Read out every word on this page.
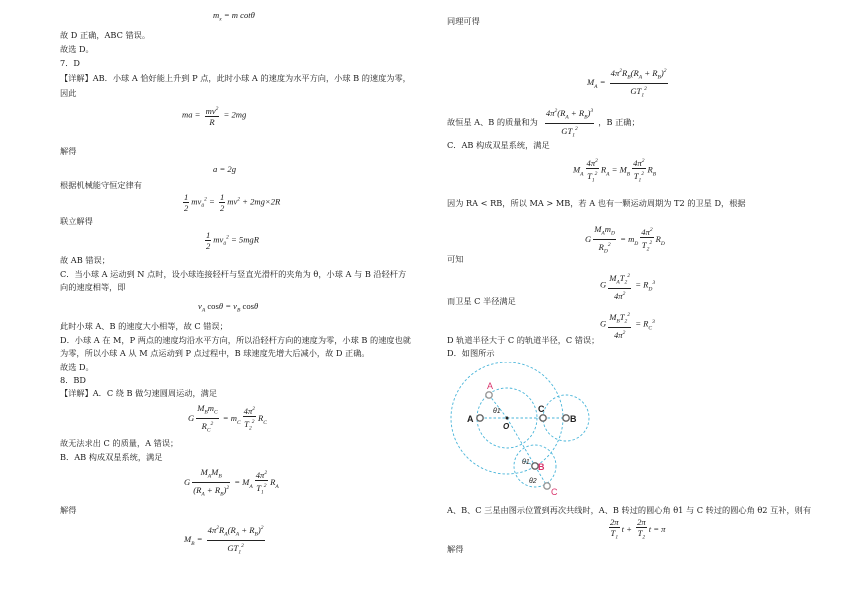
$m_x = m$ cotθ
故 D 正确，ABC 错误。
故选 D。
7．D
【详解】AB．小球 A 恰好能上升到 P 点，此时小球 A 的速度为水平方向，小球 B 的速度为零，
因此
ma = $\frac{mv^2}{R} = 2mg$
解得
a = 2g
根据机械能守恒定律有
$\frac{1}{2} mv_0^2 = \frac{1}{2} mv^2 + 2mg\times 2R$
联立解得
$\frac{1}{2} mv_0^2 = 5mgR$
故 AB 错误；
C．当小球 A 运动到 N 点时，设小球连接轻杆与竖直光滑杆的夹角为 θ，小球 A 与 B 沿轻杆方
向的速度相等，即
$v_A$ $\cos\theta = v_B$ cosθ
此时小球 A、B 的速度大小相等，故 C 错误；
D．小球 A 在 M，P 两点的速度均沿水平方向，所以沿轻杆方向的速度为零，小球 B 的速度也就
为零，所以小球 A 从 M 点运动到 P 点过程中，B 球速度先增大后减小，故 D 正确。
故选 D。
8．BD
【详解】A．C 绕 B 做匀速圆周运动，满足
G $\frac{M_Bm_C}{R_C^2} = m_C \frac{4\pi^2}{T_2^2} R_C$
故无法求出 C 的质量，A 错误；
B．AB 构成双星系统，满足
G $\frac{M_AM_B}{(R_A + R_B)^2} = M_A \frac{4\pi^2}{T_1^2} R_A$
解得
$M_B = \frac{4\pi^2R_A(R_A + R_B)^2}{GT_1^2}$
同理可得
$M_A = \frac{4\pi^2R_B(R_A + R_B)^2}{GT_1^2}$
故恒星 A、B 的质量和为 $\frac{4\pi^2(R_A + R_B)^3}{GT_1^2}$ ，B 正确；
C．AB 构成双星系统，满足
$M_A \frac{4\pi^2}{T_1^2} R_A = M_B \frac{4\pi^2}{T_1^2} R_B$
因为 RA < RB，所以 MA > MB，若 A 也有一颗运动周期为 T2 的卫星 D，根据
G $\frac{M_Am_D}{R_D^2} = m_D \frac{4\pi^2}{T_2^2} R_D$
可知
G $\frac{M_AT_2^2}{4\pi^2} = R_D^3$
而卫星 C 半径满足
G $\frac{M_BT_2^2}{4\pi^2} = R_C^3$
D 轨道半径大于 C 的轨道半径，C 错误；
D．如图所示
A
A
θ1
O
C
B
θ1 B
θ2
C
A、B、C 三星由图示位置到再次共线时，A、B 转过的圆心角 θ1 与 C 转过的圆心角 θ2 互补，则有
$\frac{2\pi}{T_1}$ $t + \frac{2\pi}{T_2}$ t = π
解得
